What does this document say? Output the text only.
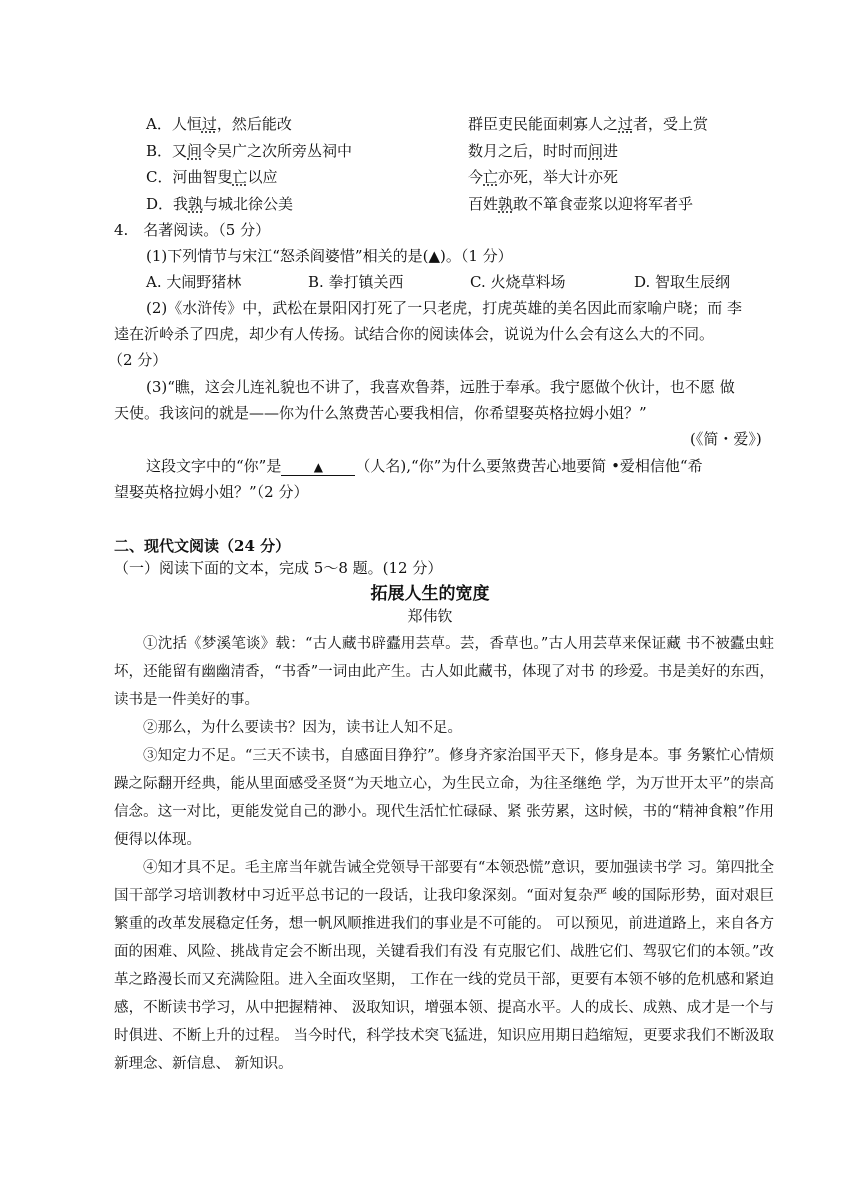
A．人恒过，然后能改	群臣吏民能面刺寡人之过者，受上赏
B．又间令吴广之次所旁丛祠中	数月之后，时时而间进
C．河曲智叟亡以应	今亡亦死，举大计亦死
D．我孰与城北徐公美	百姓孰敢不箪食壶浆以迎将军者乎
4.　名著阅读。（5 分）
(1)下列情节与宋江“怒杀阎婆惜”相关的是(▲)。（1 分）
A. 大闹野猪林	B. 拳打镇关西	C. 火烧草料场	D. 智取生辰纲
(2)《水浒传》中，武松在景阳冈打死了一只老虎，打虎英雄的美名因此而家喻户晓；而 李
逵在沂岭杀了四虎，却少有人传扬。试结合你的阅读体会，说说为什么会有这么大的不同。
（2 分）
(3)“瞧，这会儿连礼貌也不讲了，我喜欢鲁莽，远胜于奉承。我宁愿做个伙计，也不愿 做
天使。我该问的就是——你为什么煞费苦心要我相信，你希望娶英格拉姆小姐？”
(《简・爱》)
这段文字中的“你”是	▲ （人名),“你”为什么要煞费苦心地要简 •爱相信他“希
望娶英格拉姆小姐？”（2 分）
二、现代文阅读（24 分）
（一）阅读下面的文本，完成 5～8 题。(12 分）
拓展人生的宽度
郑伟钦
①沈括《梦溪笔谈》载：“古人藏书辟蠹用芸草。芸，香草也。”古人用芸草来保证藏 书不被蠹虫蛀坏，还能留有幽幽清香，“书香”一词由此产生。古人如此藏书，体现了对书 的珍爱。书是美好的东西，读书是一件美好的事。
②那么，为什么要读书？因为，读书让人知不足。
③知定力不足。“三天不读书，自感面目狰狞”。修身齐家治国平天下，修身是本。事 务繁忙心情烦躁之际翻开经典，能从里面感受圣贤“为天地立心，为生民立命，为往圣继绝 学，为万世开太平”的崇高信念。这一对比，更能发觉自己的渺小。现代生活忙忙碌碌、紧 张劳累，这时候，书的“精神食粮”作用便得以体现。
④知才具不足。毛主席当年就告诫全党领导干部要有“本领恐慌”意识，要加强读书学 习。第四批全国干部学习培训教材中习近平总书记的一段话，让我印象深刻。“面对复杂严 峻的国际形势，面对艰巨繁重的改革发展稳定任务，想一帆风顺推进我们的事业是不可能的。 可以预见，前进道路上，来自各方面的困难、风险、挑战肯定会不断出现，关键看我们有没 有克服它们、战胜它们、驾驭它们的本领。”改革之路漫长而又充满险阻。进入全面攻坚期， 工作在一线的党员干部，更要有本领不够的危机感和紧迫感，不断读书学习，从中把握精神、 汲取知识，增强本领、提高水平。人的成长、成熟、成才是一个与时俱进、不断上升的过程。 当今时代，科学技术突飞猛进，知识应用期日趋缩短，更要求我们不断汲取新理念、新信息、 新知识。
